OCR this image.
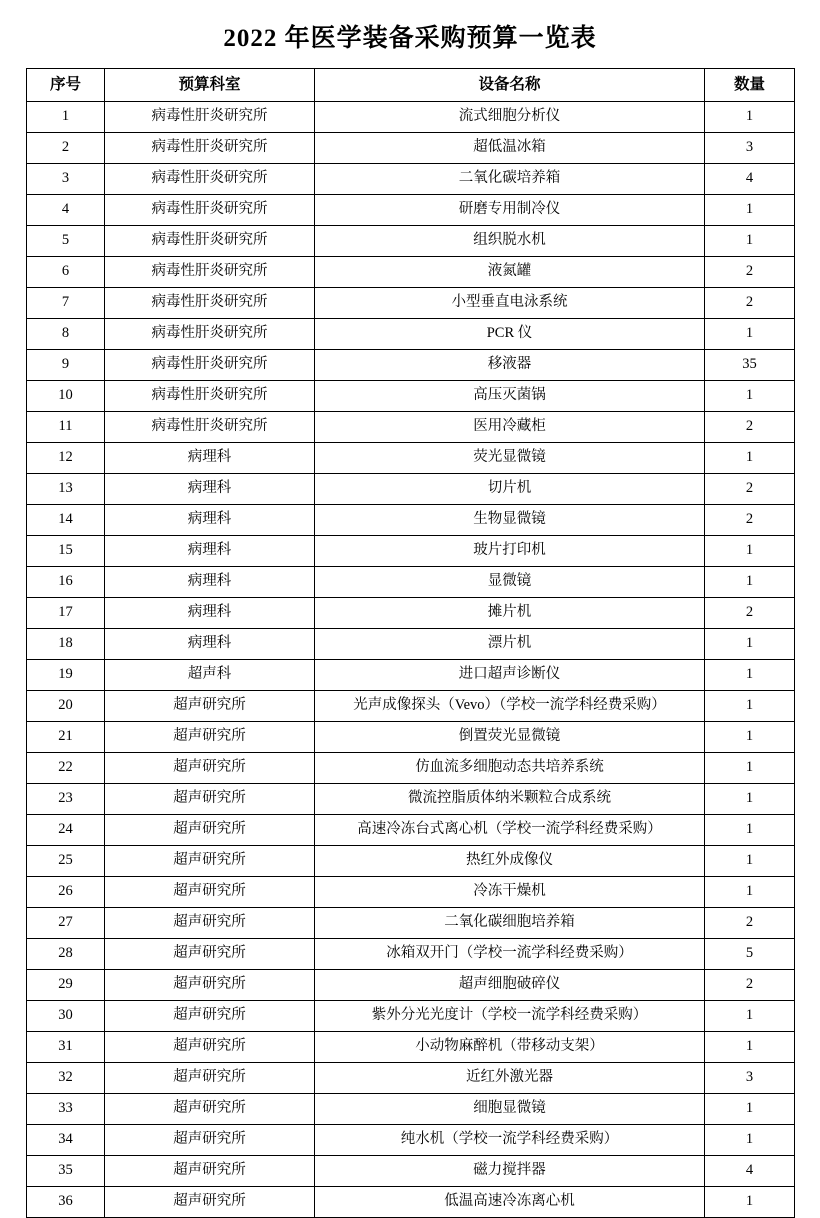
2022 年医学装备采购预算一览表
序号	预算科室	设备名称	数量
1	病毒性肝炎研究所	流式细胞分析仪	1
2	病毒性肝炎研究所	超低温冰箱	3
3	病毒性肝炎研究所	二氧化碳培养箱	4
4	病毒性肝炎研究所	研磨专用制冷仪	1
5	病毒性肝炎研究所	组织脱水机	1
6	病毒性肝炎研究所	液氮罐	2
7	病毒性肝炎研究所	小型垂直电泳系统	2
8	病毒性肝炎研究所	PCR 仪	1
9	病毒性肝炎研究所	移液器	35
10	病毒性肝炎研究所	高压灭菌锅	1
11	病毒性肝炎研究所	医用冷藏柜	2
12	病理科	荧光显微镜	1
13	病理科	切片机	2
14	病理科	生物显微镜	2
15	病理科	玻片打印机	1
16	病理科	显微镜	1
17	病理科	摊片机	2
18	病理科	漂片机	1
19	超声科	进口超声诊断仪	1
20	超声研究所	光声成像探头（Vevo）（学校一流学科经费采购）	1
21	超声研究所	倒置荧光显微镜	1
22	超声研究所	仿血流多细胞动态共培养系统	1
23	超声研究所	微流控脂质体纳米颗粒合成系统	1
24	超声研究所	高速冷冻台式离心机（学校一流学科经费采购）	1
25	超声研究所	热红外成像仪	1
26	超声研究所	冷冻干燥机	1
27	超声研究所	二氧化碳细胞培养箱	2
28	超声研究所	冰箱双开门（学校一流学科经费采购）	5
29	超声研究所	超声细胞破碎仪	2
30	超声研究所	紫外分光光度计（学校一流学科经费采购）	1
31	超声研究所	小动物麻醉机（带移动支架）	1
32	超声研究所	近红外激光器	3
33	超声研究所	细胞显微镜	1
34	超声研究所	纯水机（学校一流学科经费采购）	1
35	超声研究所	磁力搅拌器	4
36	超声研究所	低温高速冷冻离心机	1
